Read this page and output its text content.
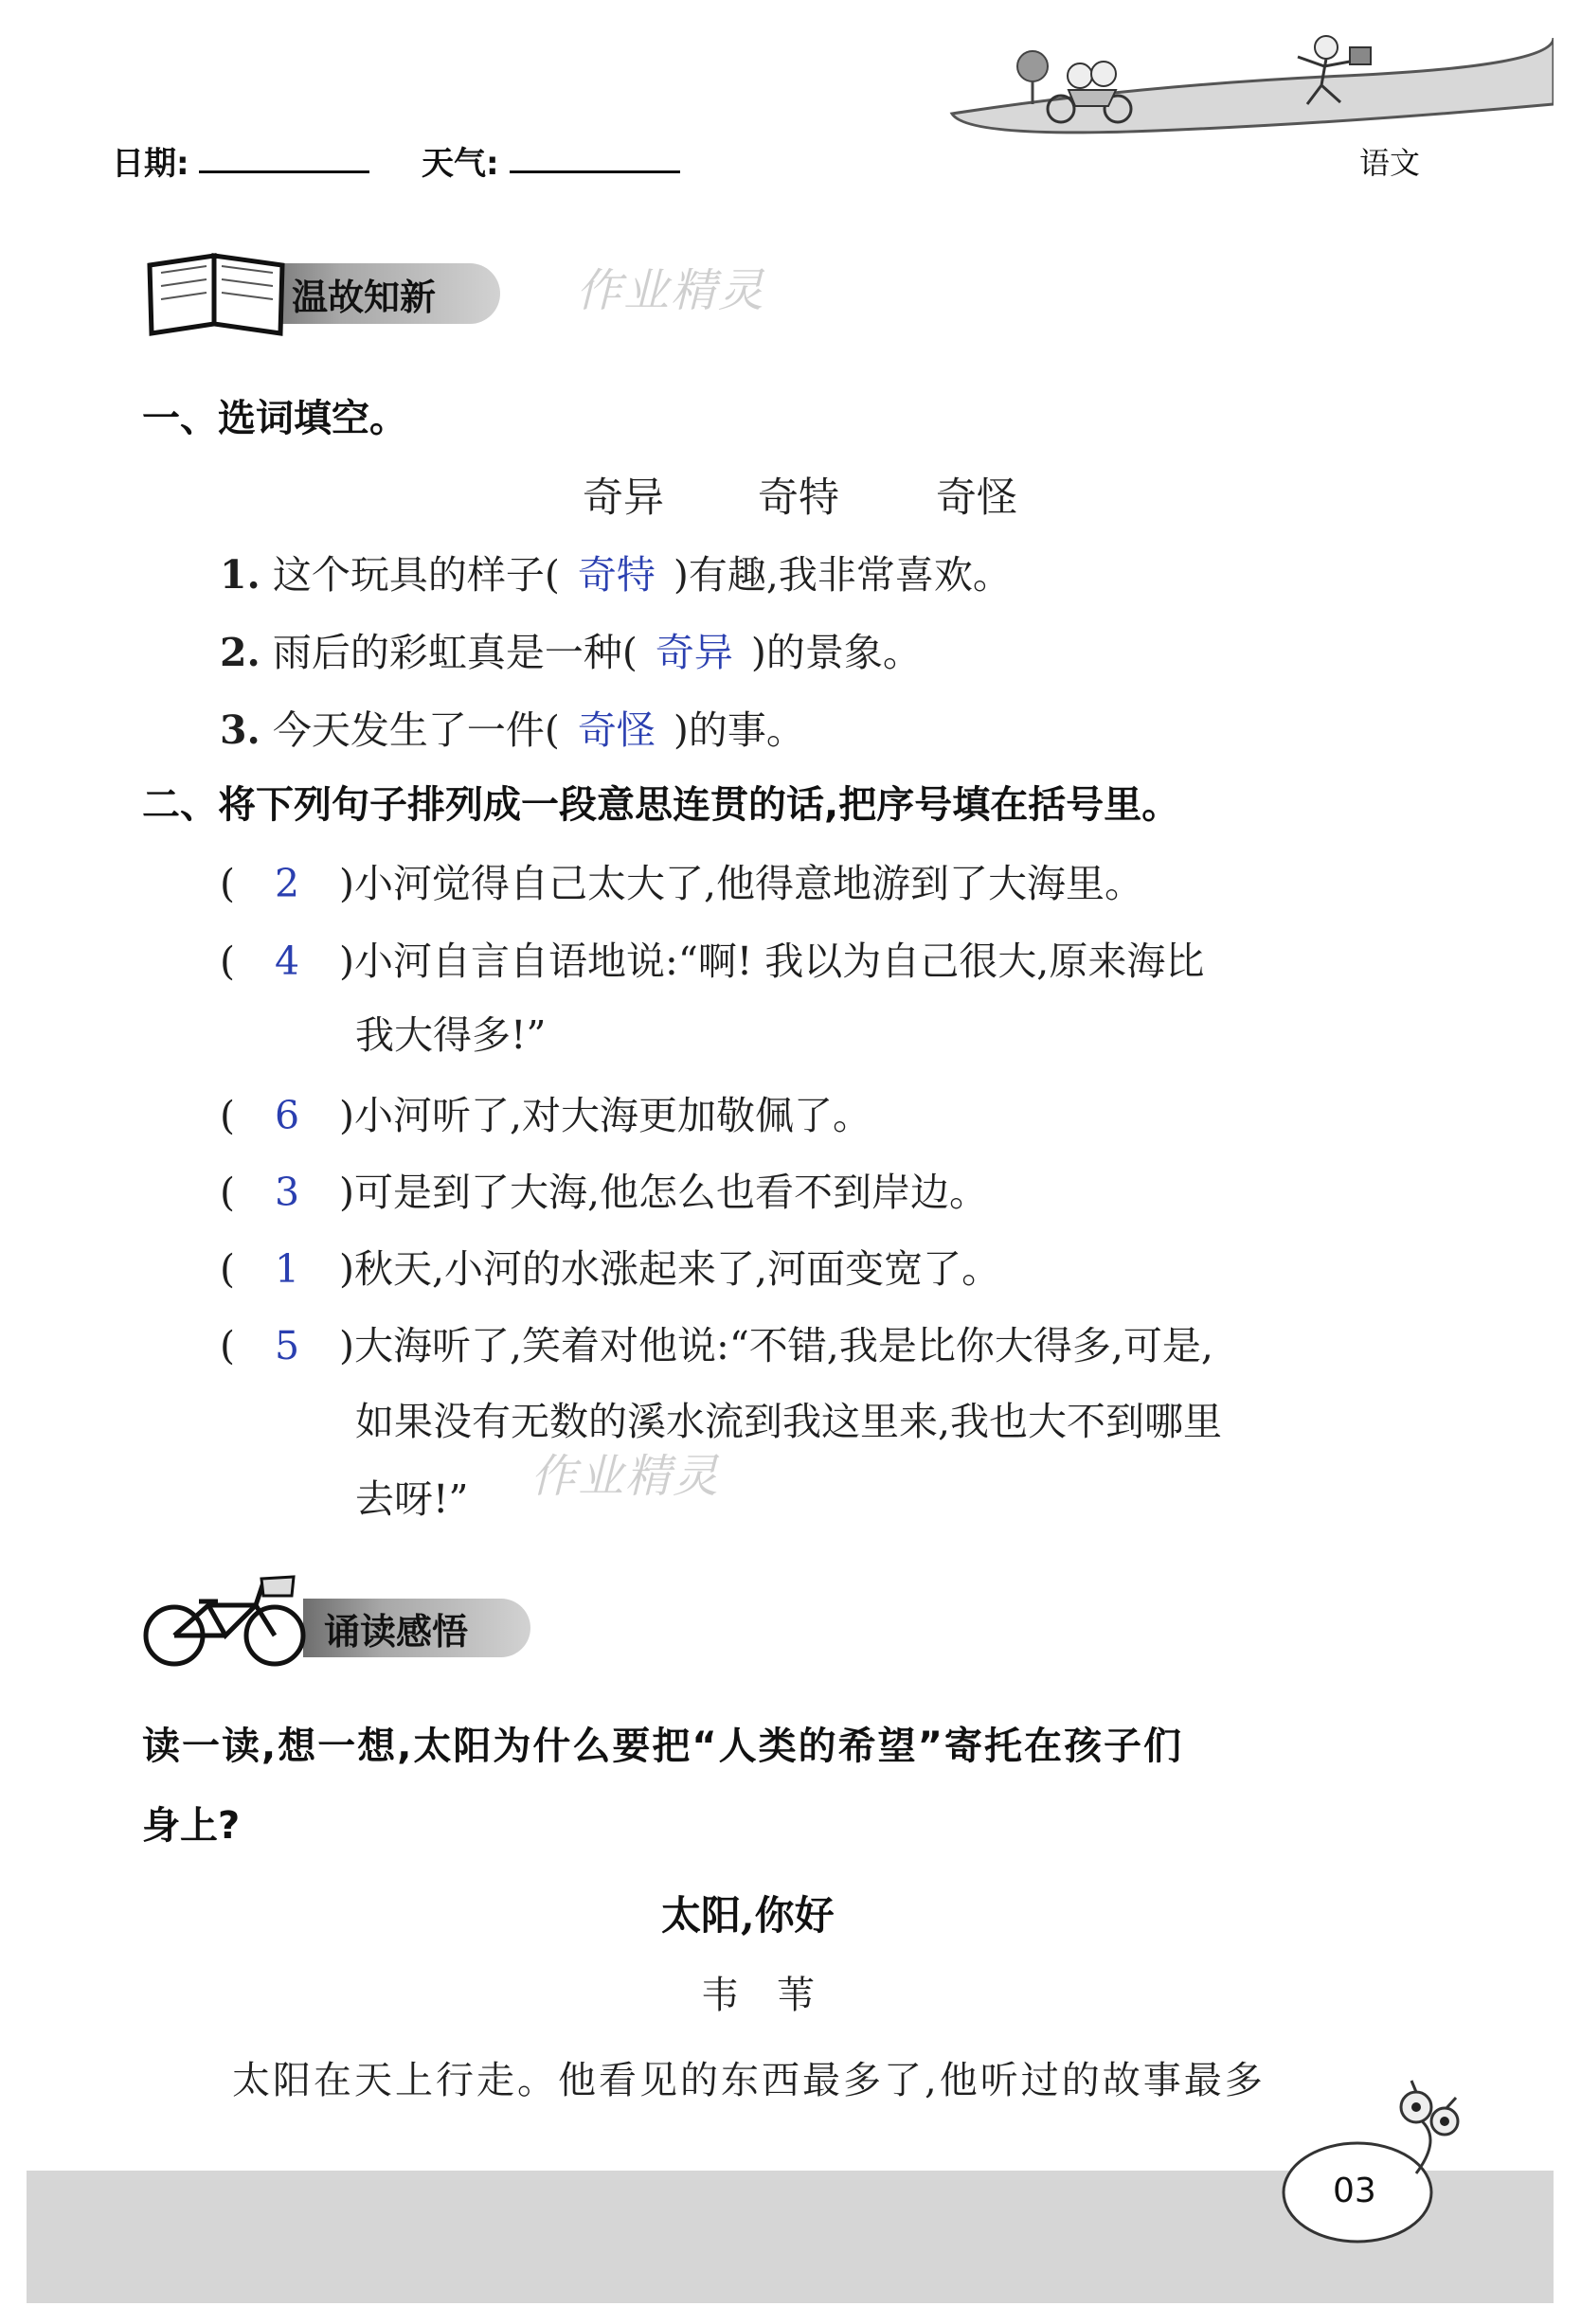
日期:	天气:	语文
温故知新	作业精灵
一、选词填空。
奇异 奇特 奇怪
1. 这个玩具的样子( 奇特 )有趣,我非常喜欢。
2. 雨后的彩虹真是一种( 奇异 )的景象。
3. 今天发生了一件( 奇怪 )的事。
二、将下列句子排列成一段意思连贯的话,把序号填在括号里。
( 2 )小河觉得自己太大了,他得意地游到了大海里。
( 4 )小河自言自语地说:“啊! 我以为自己很大,原来海比
我大得多!”
( 6 )小河听了,对大海更加敬佩了。
( 3 )可是到了大海,他怎么也看不到岸边。
( 1 )秋天,小河的水涨起来了,河面变宽了。
( 5 )大海听了,笑着对他说:“不错,我是比你大得多,可是,
如果没有无数的溪水流到我这里来,我也大不到哪里
去呀!” 作业精灵
诵读感悟
读一读,想一想,太阳为什么要把“人类的希望”寄托在孩子们
身上?
太阳,你好
韦　苇
太阳在天上行走。他看见的东西最多了,他听过的故事最多
03
